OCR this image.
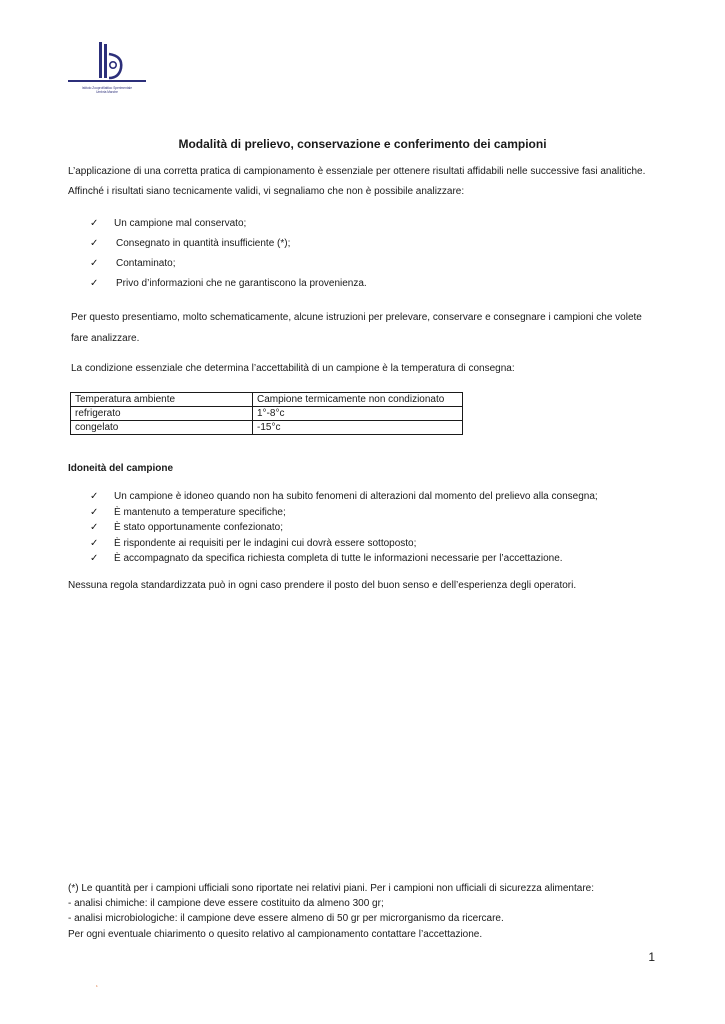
Istituto Zooprofilattico Sperimentale
Umbria Marche
Modalità di prelievo, conservazione e conferimento dei campioni
L’applicazione di una corretta pratica di campionamento è essenziale per ottenere risultati affidabili nelle successive fasi analitiche.
Affinché i risultati siano tecnicamente validi, vi segnaliamo che non è possibile analizzare:
✓ Un campione mal conservato;
✓ Consegnato in quantità insufficiente (*);
✓ Contaminato;
✓ Privo d’informazioni che ne garantiscono la provenienza.
Per questo presentiamo, molto schematicamente, alcune istruzioni per prelevare, conservare e consegnare i campioni che volete fare analizzare.
La condizione essenziale che determina l’accettabilità di un campione è la temperatura di consegna:
Temperatura ambiente	Campione termicamente non condizionato
refrigerato	1°-8°c
congelato	-15°c
Idoneità del campione
✓ Un campione è idoneo quando non ha subito fenomeni di alterazioni dal momento del prelievo alla consegna;
✓ È mantenuto a temperature specifiche;
✓ È stato opportunamente confezionato;
✓ È rispondente ai requisiti per le indagini cui dovrà essere sottoposto;
✓ È accompagnato da specifica richiesta completa di tutte le informazioni necessarie per l’accettazione.
Nessuna regola standardizzata può in ogni caso prendere il posto del buon senso e dell’esperienza degli operatori.
(*) Le quantità per i campioni ufficiali sono riportate nei relativi piani. Per i campioni non ufficiali di sicurezza alimentare:
- analisi chimiche: il campione deve essere costituito da almeno 300 gr;
- analisi microbiologiche: il campione deve essere almeno di 50 gr per microrganismo da ricercare.
Per ogni eventuale chiarimento o quesito relativo al campionamento contattare l’accettazione.
1
‘
